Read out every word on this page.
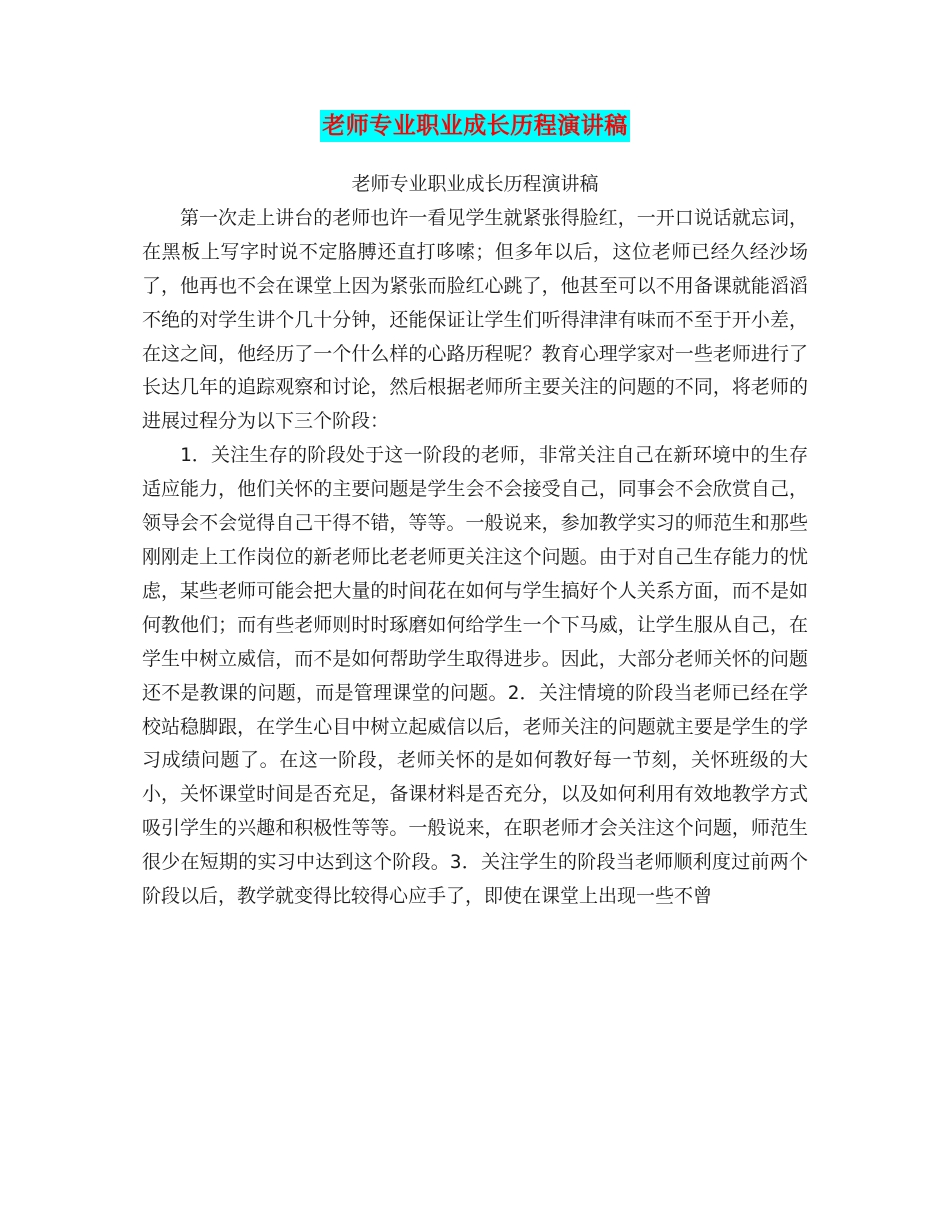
老师专业职业成长历程演讲稿

老师专业职业成长历程演讲稿

第一次走上讲台的老师也许一看见学生就紧张得脸红，一开口说话就忘词，在黑板上写字时说不定胳膊还直打哆嗦；但多年以后，这位老师已经久经沙场了，他再也不会在课堂上因为紧张而脸红心跳了，他甚至可以不用备课就能滔滔不绝的对学生讲个几十分钟，还能保证让学生们听得津津有味而不至于开小差，在这之间，他经历了一个什么样的心路历程呢？教育心理学家对一些老师进行了长达几年的追踪观察和讨论，然后根据老师所主要关注的问题的不同，将老师的进展过程分为以下三个阶段：

1．关注生存的阶段处于这一阶段的老师，非常关注自己在新环境中的生存适应能力，他们关怀的主要问题是学生会不会接受自己，同事会不会欣赏自己，领导会不会觉得自己干得不错，等等。一般说来，参加教学实习的师范生和那些刚刚走上工作岗位的新老师比老老师更关注这个问题。由于对自己生存能力的忧虑，某些老师可能会把大量的时间花在如何与学生搞好个人关系方面，而不是如何教他们；而有些老师则时时琢磨如何给学生一个下马威，让学生服从自己，在学生中树立威信，而不是如何帮助学生取得进步。因此，大部分老师关怀的问题还不是教课的问题，而是管理课堂的问题。2．关注情境的阶段当老师已经在学校站稳脚跟，在学生心目中树立起威信以后，老师关注的问题就主要是学生的学习成绩问题了。在这一阶段，老师关怀的是如何教好每一节刻，关怀班级的大小，关怀课堂时间是否充足，备课材料是否充分，以及如何利用有效地教学方式吸引学生的兴趣和积极性等等。一般说来，在职老师才会关注这个问题，师范生很少在短期的实习中达到这个阶段。3．关注学生的阶段当老师顺利度过前两个阶段以后，教学就变得比较得心应手了，即使在课堂上出现一些不曾
